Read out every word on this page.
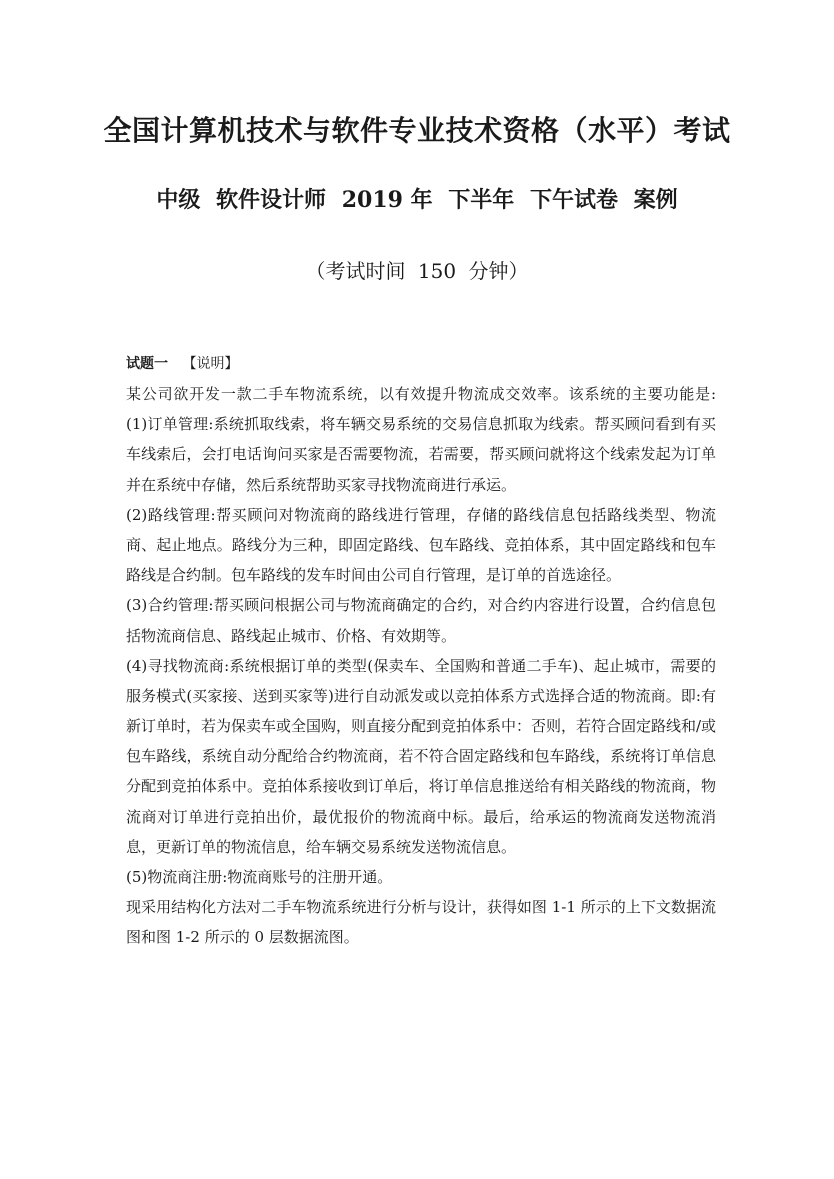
全国计算机技术与软件专业技术资格（水平）考试
中级 软件设计师 2019 年 下半年 下午试卷 案例
（考试时间 150 分钟）
试题一 【说明】
某公司欲开发一款二手车物流系统，以有效提升物流成交效率。该系统的主要功能是:
(1)订单管理:系统抓取线索，将车辆交易系统的交易信息抓取为线索。帮买顾问看到有买
车线索后，会打电话询问买家是否需要物流，若需要，帮买顾问就将这个线索发起为订单
并在系统中存储，然后系统帮助买家寻找物流商进行承运。
(2)路线管理:帮买顾问对物流商的路线进行管理，存储的路线信息包括路线类型、物流
商、起止地点。路线分为三种，即固定路线、包车路线、竞拍体系，其中固定路线和包车
路线是合约制。包车路线的发车时间由公司自行管理，是订单的首选途径。
(3)合约管理:帮买顾问根据公司与物流商确定的合约，对合约内容进行设置，合约信息包
括物流商信息、路线起止城市、价格、有效期等。
(4)寻找物流商:系统根据订单的类型(保卖车、全国购和普通二手车)、起止城市，需要的
服务模式(买家接、送到买家等)进行自动派发或以竞拍体系方式选择合适的物流商。即:有
新订单时，若为保卖车或全国购，则直接分配到竞拍体系中：否则，若符合固定路线和/或
包车路线，系统自动分配给合约物流商，若不符合固定路线和包车路线，系统将订单信息
分配到竞拍体系中。竞拍体系接收到订单后，将订单信息推送给有相关路线的物流商，物
流商对订单进行竞拍出价，最优报价的物流商中标。最后，给承运的物流商发送物流消
息，更新订单的物流信息，给车辆交易系统发送物流信息。
(5)物流商注册:物流商账号的注册开通。
现采用结构化方法对二手车物流系统进行分析与设计，获得如图 1-1 所示的上下文数据流
图和图 1-2 所示的 0 层数据流图。
